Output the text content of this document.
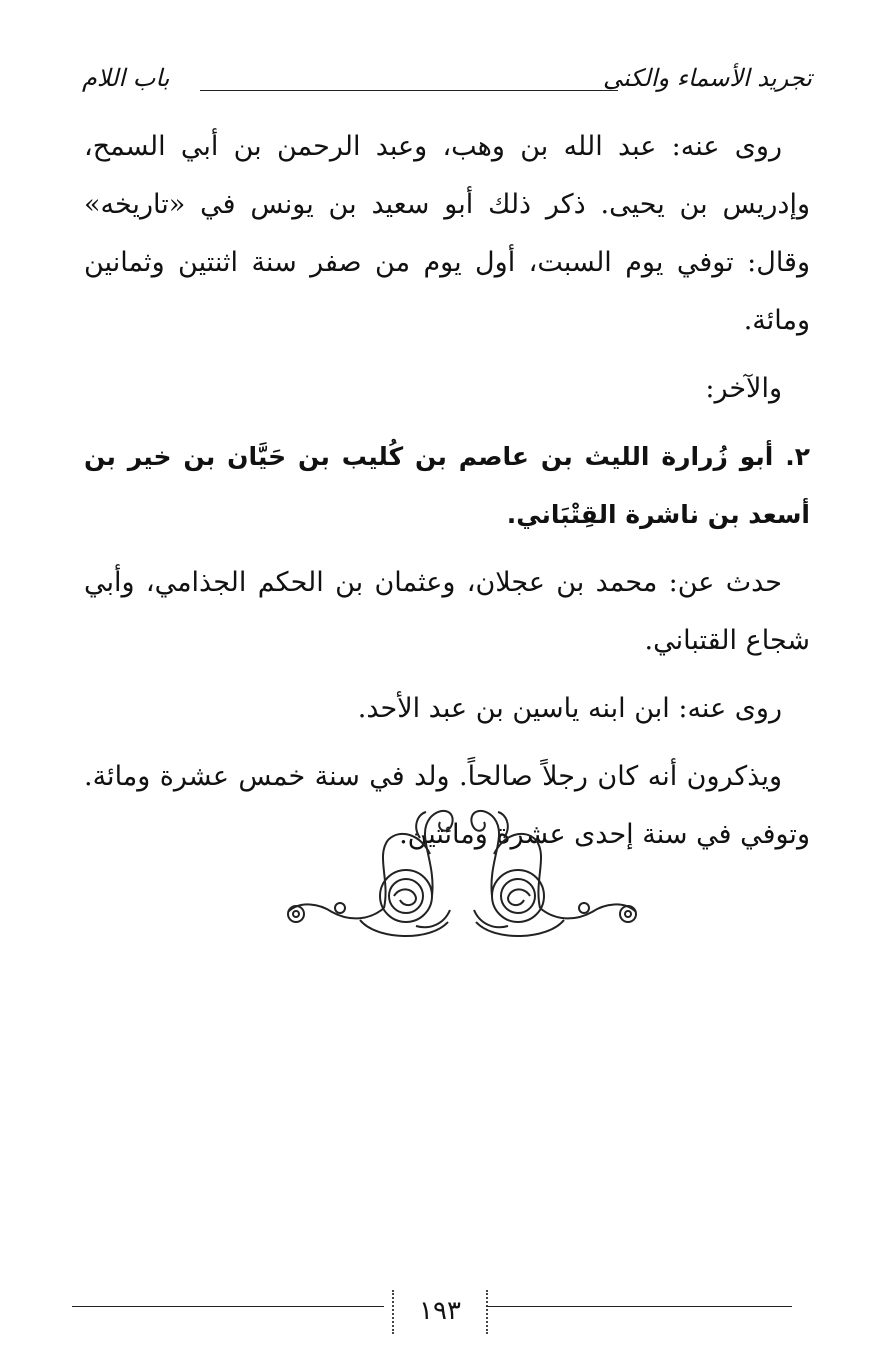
تجريد الأسماء والكنى
باب اللام

روى عنه: عبد الله بن وهب، وعبد الرحمن بن أبي السمح، وإدريس بن يحيى. ذكر ذلك أبو سعيد بن يونس في «تاريخه» وقال: توفي يوم السبت، أول يوم من صفر سنة اثنتين وثمانين ومائة.

والآخر:

٢. أبو زُرارة الليث بن عاصم بن كُليب بن حَيَّان بن خير بن أسعد بن ناشرة القِتْبَاني.

حدث عن: محمد بن عجلان، وعثمان بن الحكم الجذامي، وأبي شجاع القتباني.

روى عنه: ابن ابنه ياسين بن عبد الأحد.

ويذكرون أنه كان رجلاً صالحاً. ولد في سنة خمس عشرة ومائة. وتوفي في سنة إحدى عشرة ومائتين.

١٩٣
